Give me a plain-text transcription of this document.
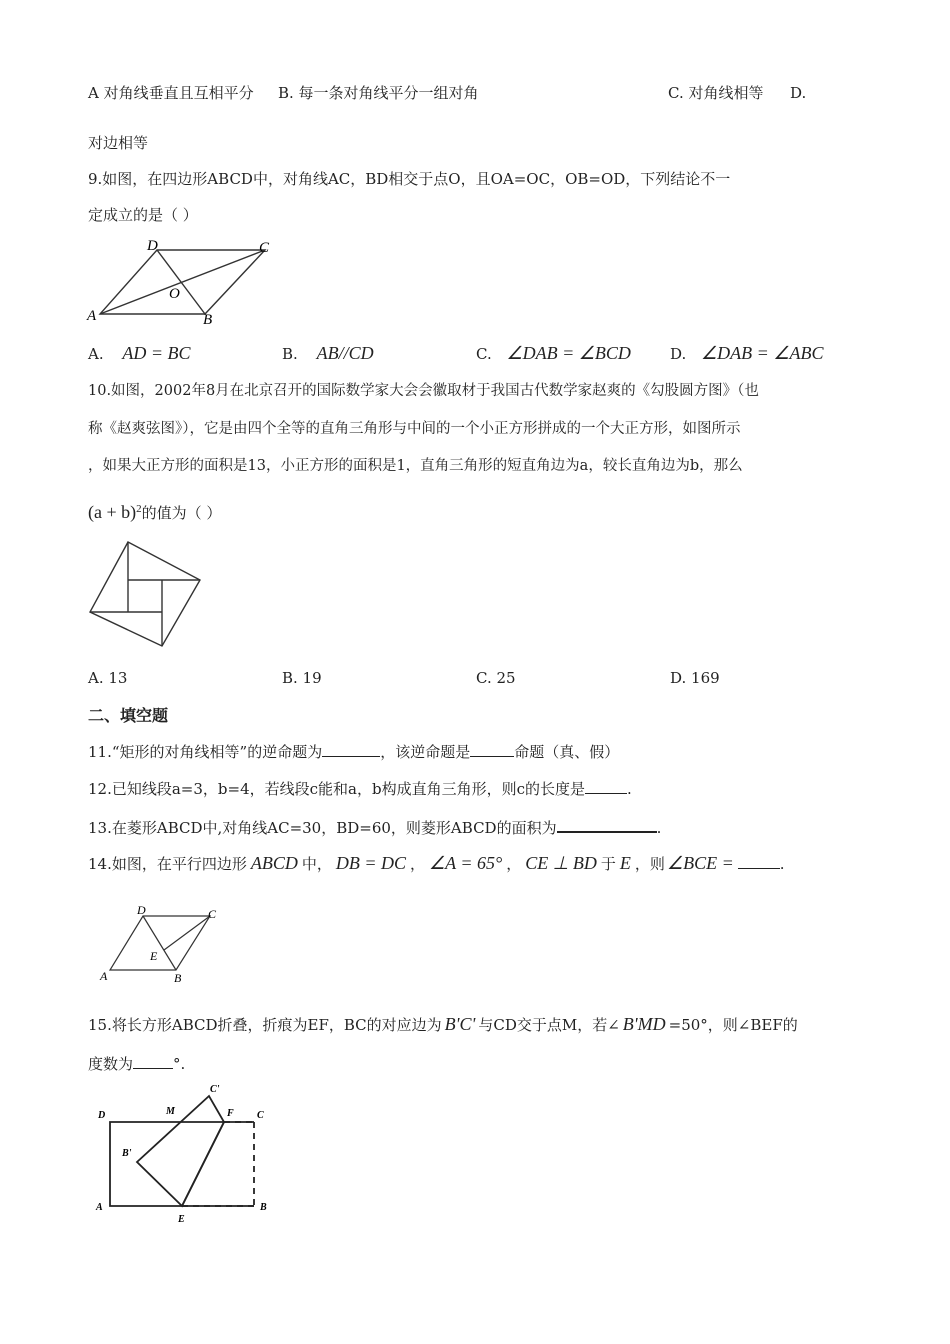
A 对角线垂直且互相平分 B. 每一条对角线平分一组对角	C. 对角线相等 D.
对边相等
9.如图，在四边形ABCD中，对角线AC，BD相交于点O，且OA=OC，OB=OD，下列结论不一
定成立的是（ ）
D	C
O
A	B
A. AD = BC	B. AB//CD	C. ∠DAB = ∠BCD	D. ∠DAB = ∠ABC
10.如图，2002年8月在北京召开的国际数学家大会会徽取材于我国古代数学家赵爽的《勾股圆方图》（也
称《赵爽弦图》），它是由四个全等的直角三角形与中间的一个小正方形拼成的一个大正方形，如图所示
，如果大正方形的面积是13，小正方形的面积是1，直角三角形的短直角边为a，较长直角边为b，那么
$(a + b)^2$的值为（ ）
A. 13	B. 19	C. 25	D. 169
二、填空题
11.“矩形的对角线相等”的逆命题为	，该逆命题是	命题（真、假）
12.已知线段a=3，b=4，若线段c能和a，b构成直角三角形，则c的长度是	.
13.在菱形ABCD中,对角线AC=30，BD=60，则菱形ABCD的面积为	.
14.如图，在平行四边形 ABCD 中， DB = DC ， ∠A = 65° ， CE ⊥ BD 于 E ，则 ∠BCE =	.
D	C
E
A	B
15.将长方形ABCD折叠，折痕为EF，BC的对应边为 B'C' 与CD交于点M，若∠ B'MD =50°，则∠BEF的
度数为	°.
C'
D	M	F C
B'
A
E
B
